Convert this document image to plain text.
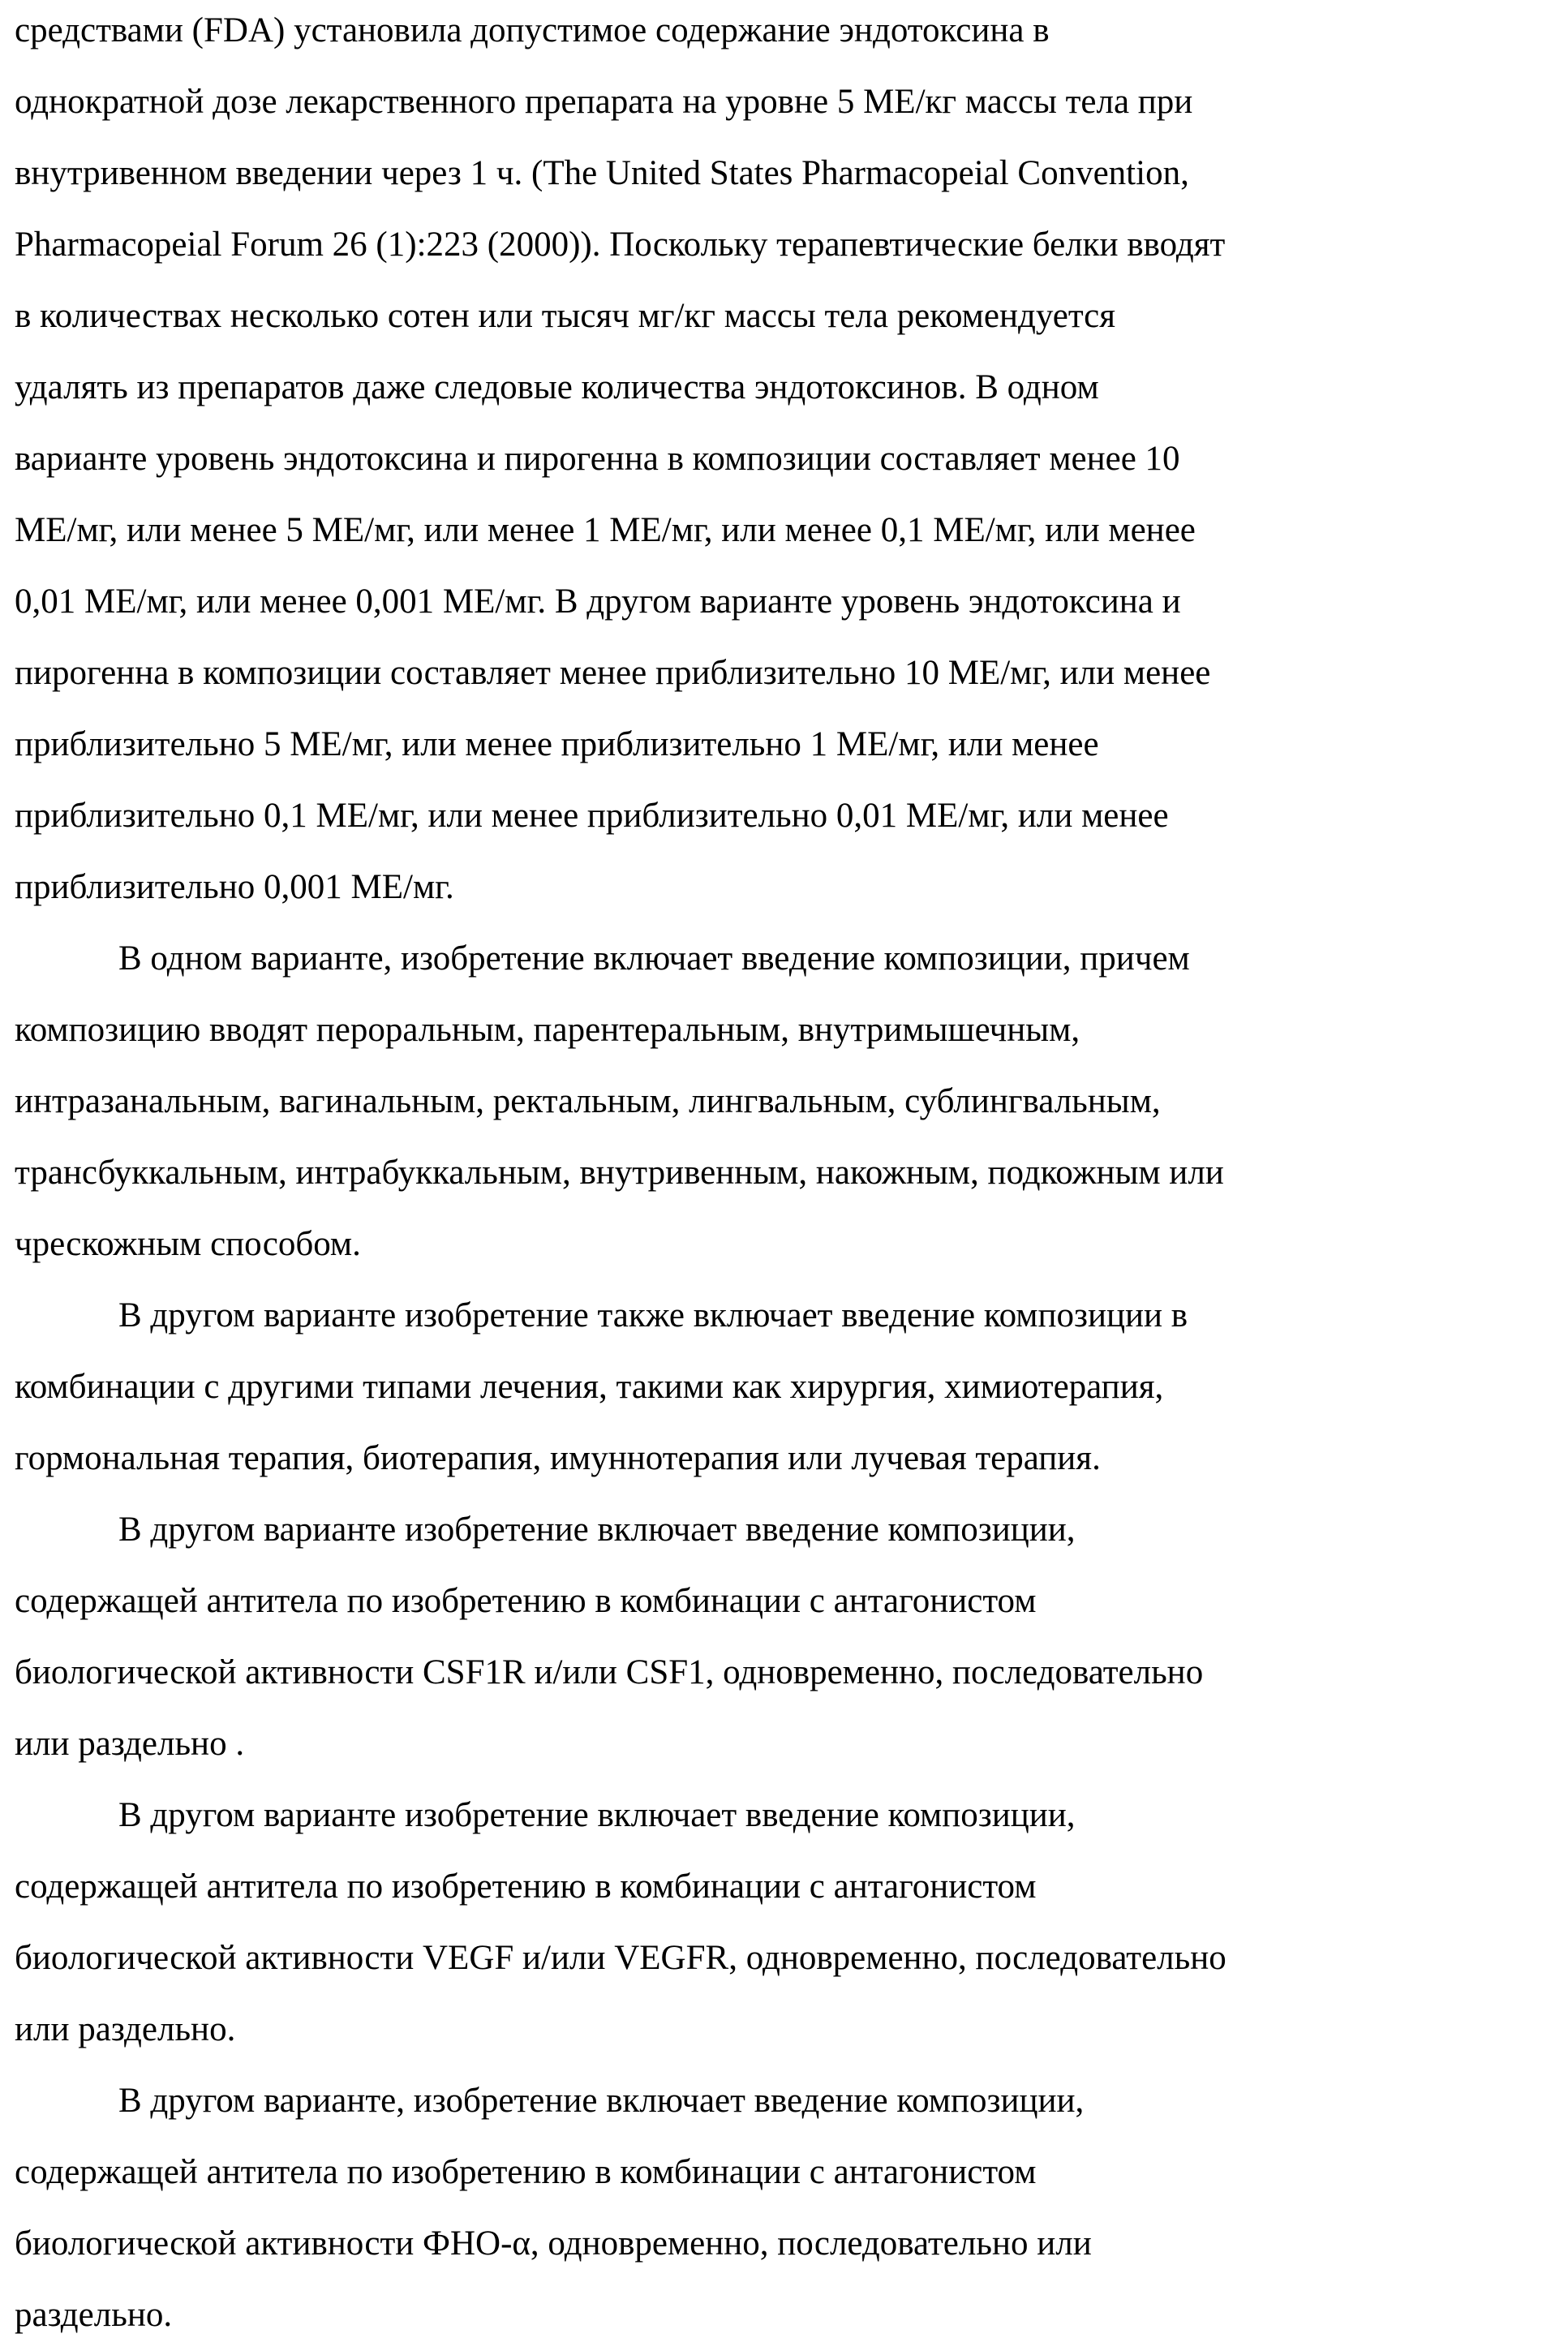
средствами (FDA) установила допустимое содержание эндотоксина в
однократной дозе лекарственного препарата на уровне 5 МЕ/кг массы тела при
внутривенном введении через 1 ч. (The United States Pharmacopeial Convention,
Pharmacopeial Forum 26 (1):223 (2000)). Поскольку терапевтические белки вводят
в количествах несколько сотен или тысяч мг/кг массы тела рекомендуется
удалять из препаратов даже следовые количества эндотоксинов. В одном
варианте уровень эндотоксина и пирогенна в композиции составляет менее 10
МЕ/мг, или менее 5 МЕ/мг, или менее 1 МЕ/мг, или менее 0,1 МЕ/мг, или менее
0,01 МЕ/мг, или менее 0,001 МЕ/мг. В другом варианте уровень эндотоксина и
пирогенна в композиции составляет менее приблизительно 10 МЕ/мг, или менее
приблизительно 5 МЕ/мг, или менее приблизительно 1 МЕ/мг, или менее
приблизительно 0,1 МЕ/мг, или менее приблизительно 0,01 МЕ/мг, или менее
приблизительно 0,001 МЕ/мг.
В одном варианте, изобретение включает введение композиции, причем
композицию вводят пероральным, парентеральным, внутримышечным,
интразанальным, вагинальным, ректальным, лингвальным, сублингвальным,
трансбуккальным, интрабуккальным, внутривенным, накожным, подкожным или
чрескожным способом.
В другом варианте изобретение также включает введение композиции в
комбинации с другими типами лечения, такими как хирургия, химиотерапия,
гормональная терапия, биотерапия, имуннотерапия или лучевая терапия.
В другом варианте изобретение включает введение композиции,
содержащей антитела по изобретению в комбинации с антагонистом
биологической активности CSF1R и/или CSF1, одновременно, последовательно
или раздельно .
В другом варианте изобретение включает введение композиции,
содержащей антитела по изобретению в комбинации с антагонистом
биологической активности VEGF и/или VEGFR, одновременно, последовательно
или раздельно.
В другом варианте, изобретение включает введение композиции,
содержащей антитела по изобретению в комбинации с антагонистом
биологической активности ФНО-α, одновременно, последовательно или
раздельно.
